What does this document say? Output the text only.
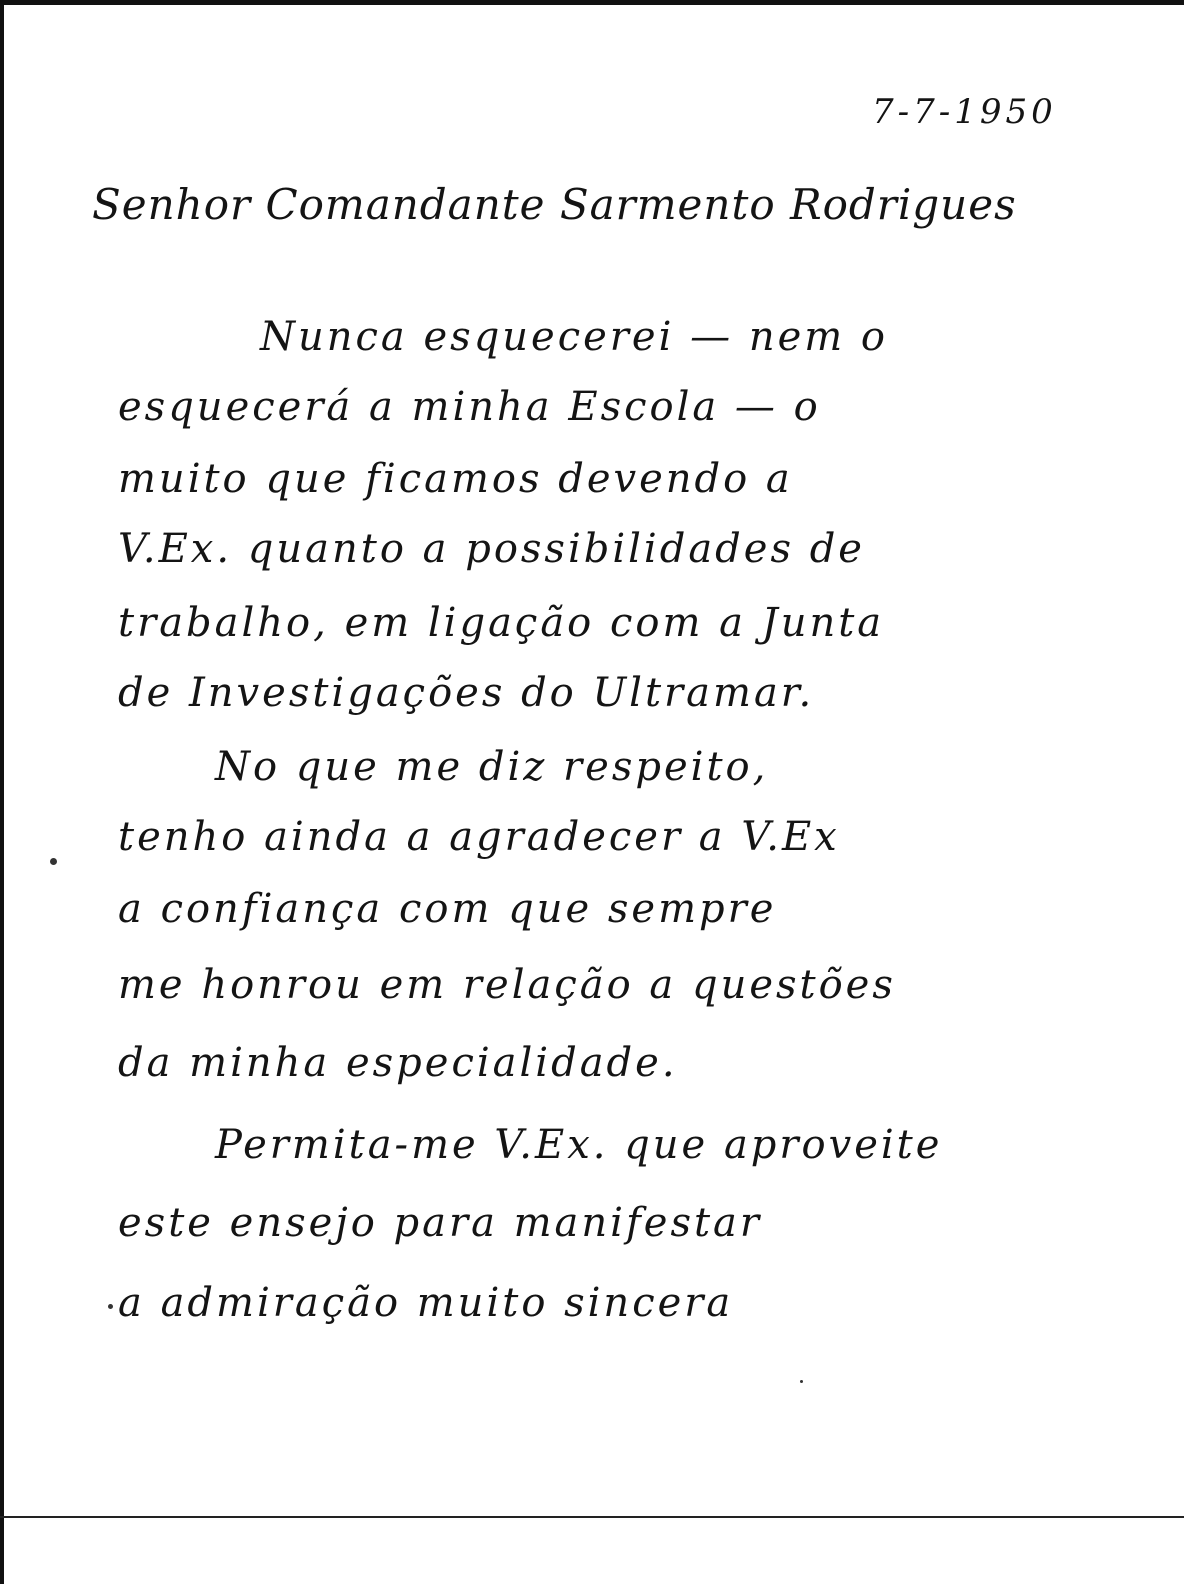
7-7-1950

Senhor Comandante Sarmento Rodrigues

Nunca esquecerei — nem o

esquecerá a minha Escola — o

muito que ficamos devendo a

V.Ex. quanto a possibilidades de

trabalho, em ligação com a Junta

de Investigações do Ultramar.

No que me diz respeito,

tenho ainda a agradecer a V.Ex

a confiança com que sempre

me honrou em relação a questões

da minha especialidade.

Permita-me V.Ex. que aproveite

este ensejo para manifestar

a admiração muito sincera
